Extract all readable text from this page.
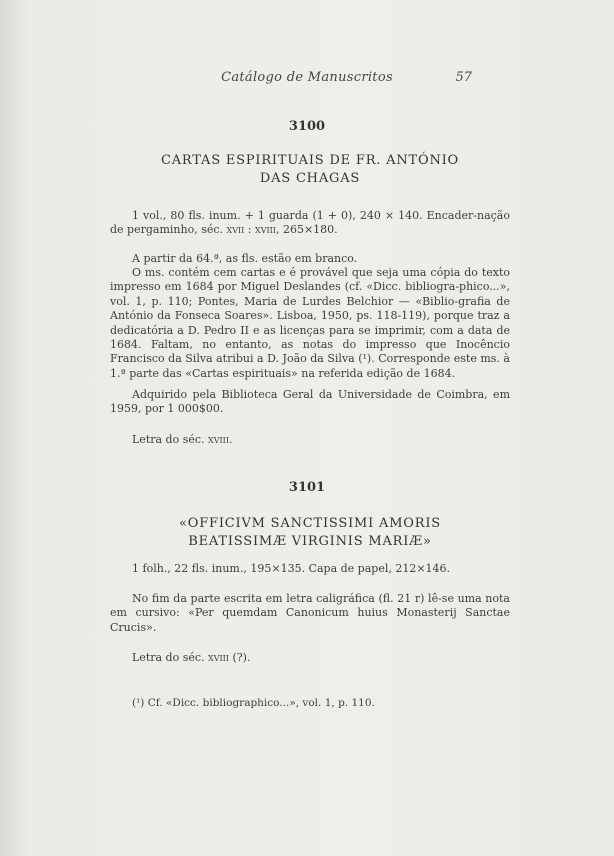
Catálogo de Manuscritos	57
3100
CARTAS ESPIRITUAIS DE FR. ANTÓNIO
DAS CHAGAS
1 vol., 80 fls. inum. + 1 guarda (1 + 0), 240 × 140. Encader-nação de pergaminho, séc. xvii : xviii, 265×180.
A partir da 64.ª, as fls. estão em branco.
O ms. contém cem cartas e é provável que seja uma cópia do texto impresso em 1684 por Miguel Deslandes (cf. «Dicc. bibliogra-phico...», vol. 1, p. 110; Pontes, Maria de Lurdes Belchior — «Biblio-grafia de António da Fonseca Soares». Lisboa, 1950, ps. 118-119), porque traz a dedicatória a D. Pedro II e as licenças para se imprimir, com a data de 1684. Faltam, no entanto, as notas do impresso que Inocêncio Francisco da Silva atribui a D. João da Silva (¹). Corresponde este ms. à 1.ª parte das «Cartas espirituais» na referida edição de 1684.
Adquirido pela Biblioteca Geral da Universidade de Coimbra, em 1959, por 1 000$00.
Letra do séc. xviii.
3101
«OFFICIVM SANCTISSIMI AMORIS
BEATISSIMÆ VIRGINIS MARIÆ»
1 folh., 22 fls. inum., 195×135. Capa de papel, 212×146.
No fim da parte escrita em letra caligráfica (fl. 21 r) lê-se uma nota em cursivo: «Per quemdam Canonicum huius Monasterij Sanctae Crucis».
Letra do séc. xviii (?).
(¹) Cf. «Dicc. bibliographico...», vol. 1, p. 110.
